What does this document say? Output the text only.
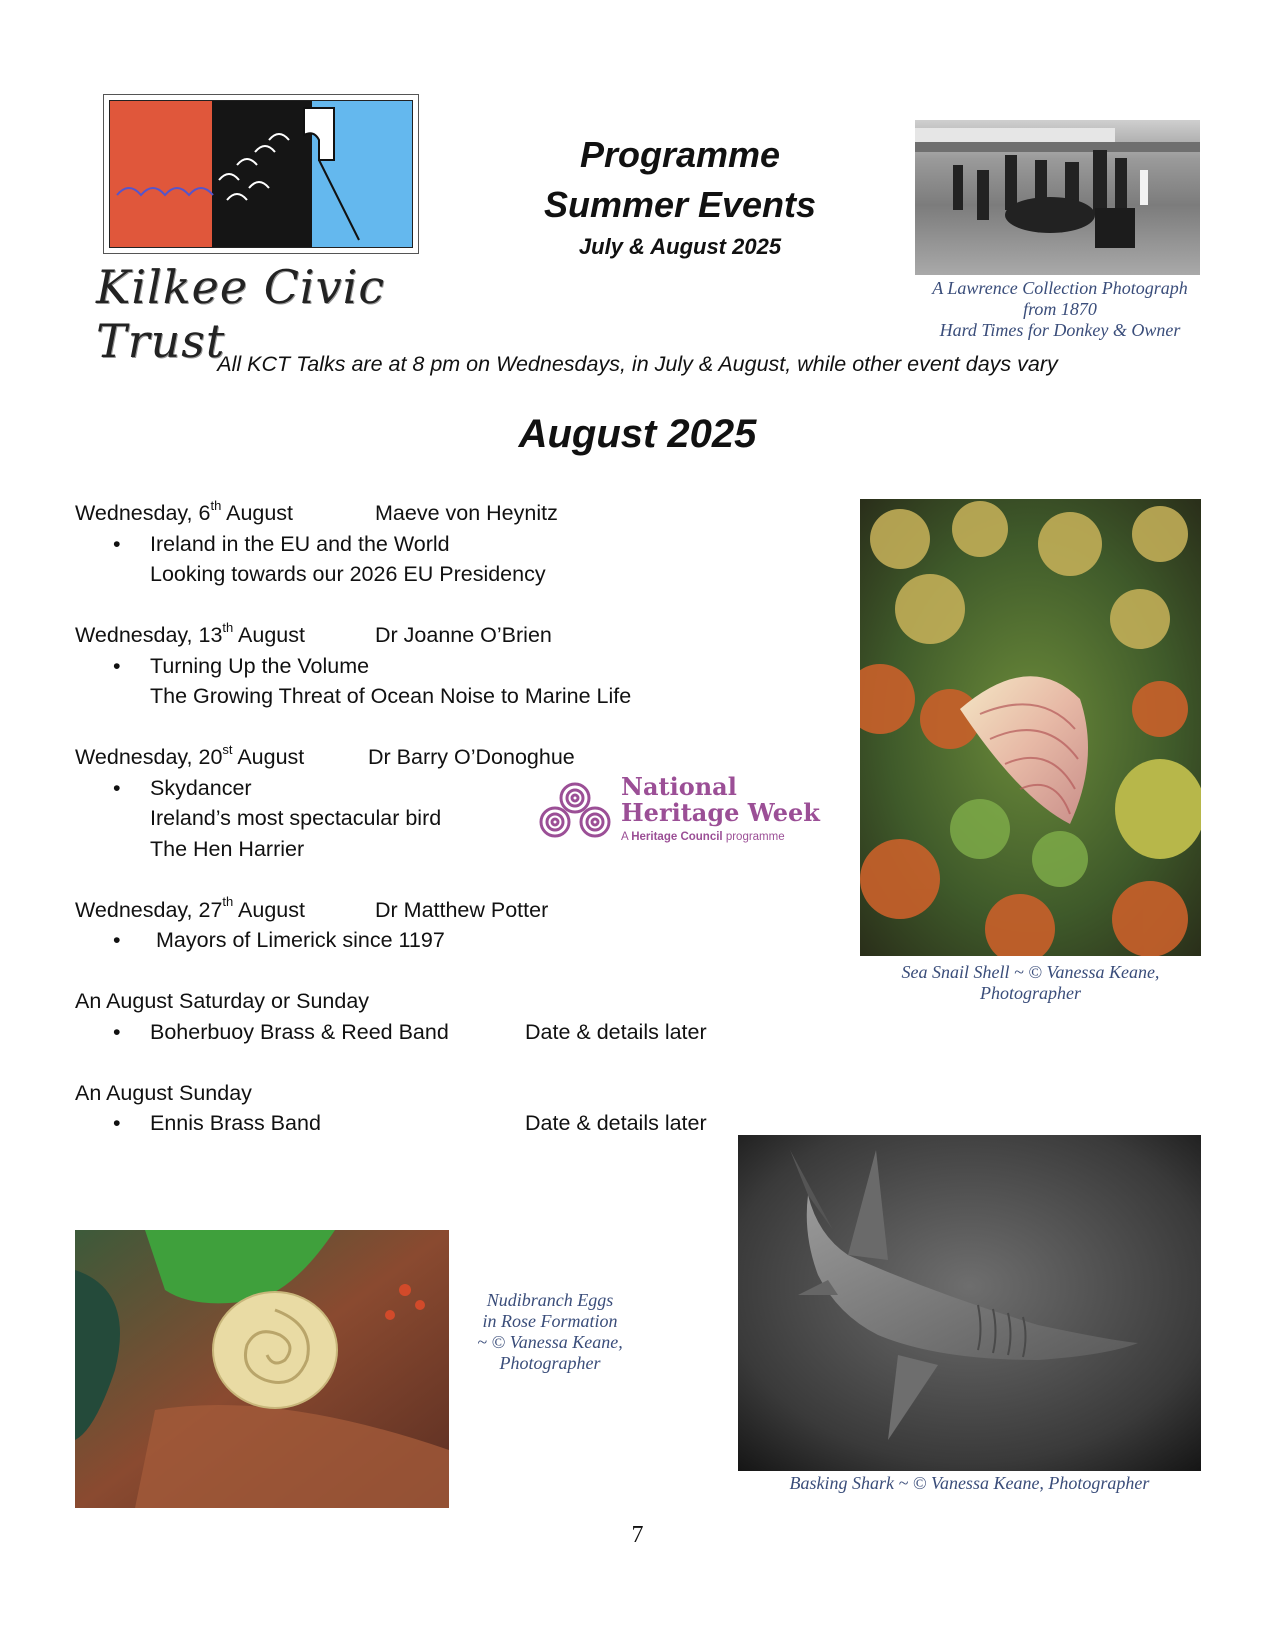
Kilkee Civic Trust
Programme
Summer Events
July & August 2025
A Lawrence Collection Photograph
from 1870
Hard Times for Donkey & Owner
All KCT Talks are at 8 pm on Wednesdays, in July & August, while other event days vary
August 2025
Wednesday, 6th August	Maeve von Heynitz
• Ireland in the EU and the World
Looking towards our 2026 EU Presidency
Wednesday, 13th August	Dr Joanne O’Brien
• Turning Up the Volume
The Growing Threat of Ocean Noise to Marine Life
Wednesday, 20st August	Dr Barry O’Donoghue
• Skydancer
Ireland’s most spectacular bird
The Hen Harrier
Wednesday, 27th August	Dr Matthew Potter
• Mayors of Limerick since 1197
An August Saturday or Sunday
• Boherbuoy Brass & Reed Band	Date & details later
An August Sunday
• Ennis Brass Band	Date & details later
National
Heritage Week
A Heritage Council programme
Sea Snail Shell ~ © Vanessa Keane,
Photographer
Basking Shark ~ © Vanessa Keane, Photographer
Nudibranch Eggs
in Rose Formation
~ © Vanessa Keane,
Photographer
7
